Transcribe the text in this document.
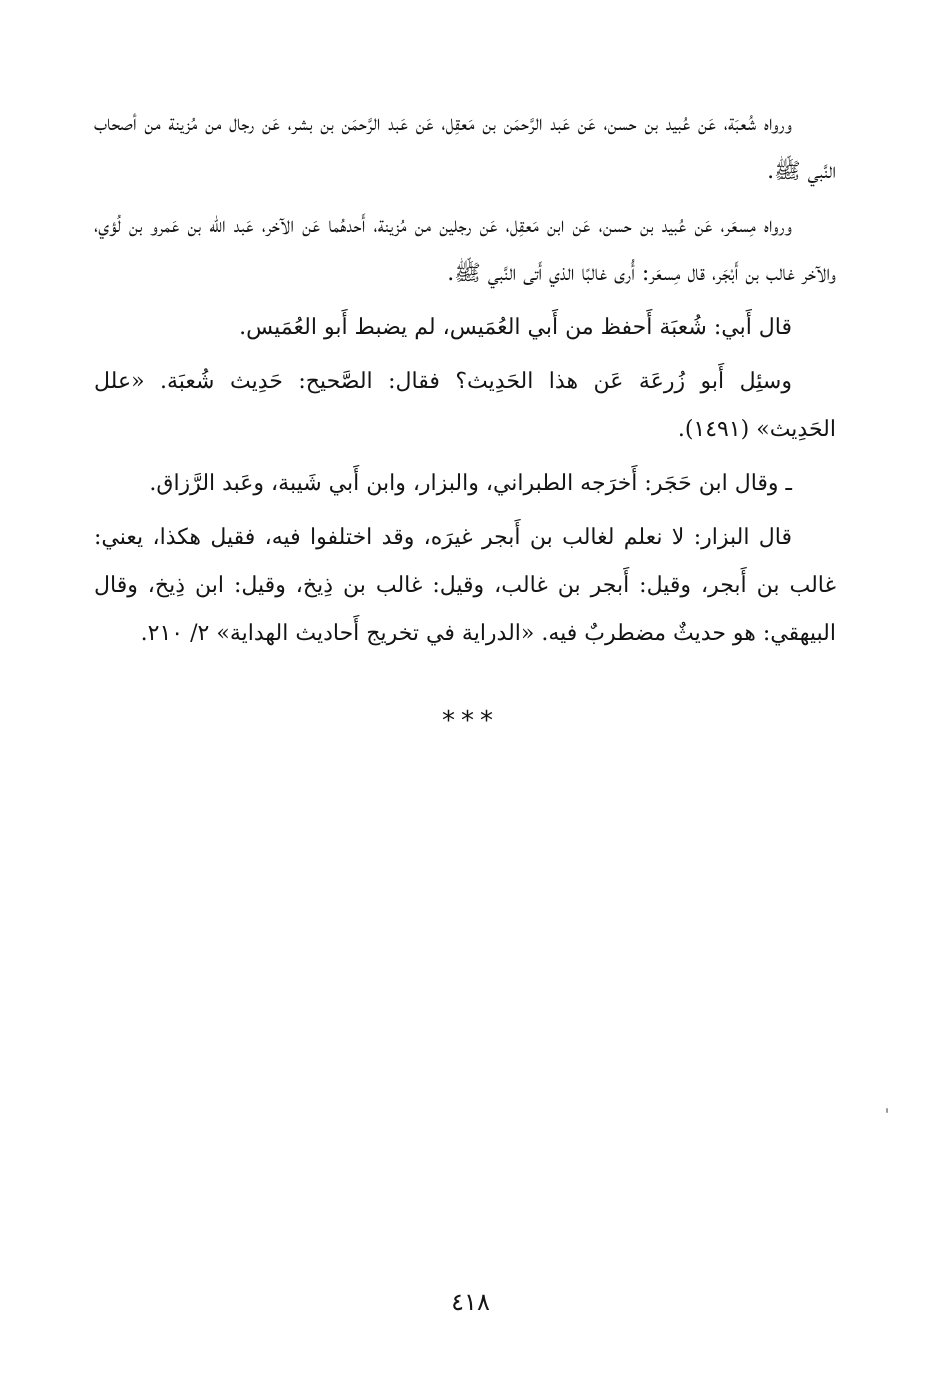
ورواه شُعبَة، عَن عُبيد بن حسن، عَن عَبد الرَّحمَن بن مَعقِل، عَن عَبد الرَّحمَن بن بشر، عَن رجال من مُزينة من أصحاب النَّبي ﷺ.

ورواه مِسعَر، عَن عُبيد بن حسن، عَن ابن مَعقِل، عَن رجلين من مُزينة، أَحدهُما عَن الآخر، عَبد الله بن عَمرو بن لُؤي، والآخر غالب بن أَبْجَر، قال مِسعَر: أُرى غالبًا الذي أَتى النَّبي ﷺ.

قال أَبي: شُعبَة أَحفظ من أَبي العُمَيس، لم يضبط أَبو العُمَيس.

وسئِل أَبو زُرعَة عَن هذا الحَدِيث؟ فقال: الصَّحيح: حَدِيث شُعبَة. «علل الحَدِيث» (١٤٩١).

ـ وقال ابن حَجَر: أَخرَجه الطبراني، والبزار، وابن أَبي شَيبة، وعَبد الرَّزاق.

قال البزار: لا نعلم لغالب بن أَبجر غيرَه، وقد اختلفوا فيه، فقيل هكذا، يعني: غالب بن أَبجر، وقيل: أَبجر بن غالب، وقيل: غالب بن ذِيخ، وقيل: ابن ذِيخ، وقال البيهقي: هو حديثٌ مضطربٌ فيه. «الدراية في تخريج أَحاديث الهداية» ٢/ ٢١٠.

***
٤١٨
